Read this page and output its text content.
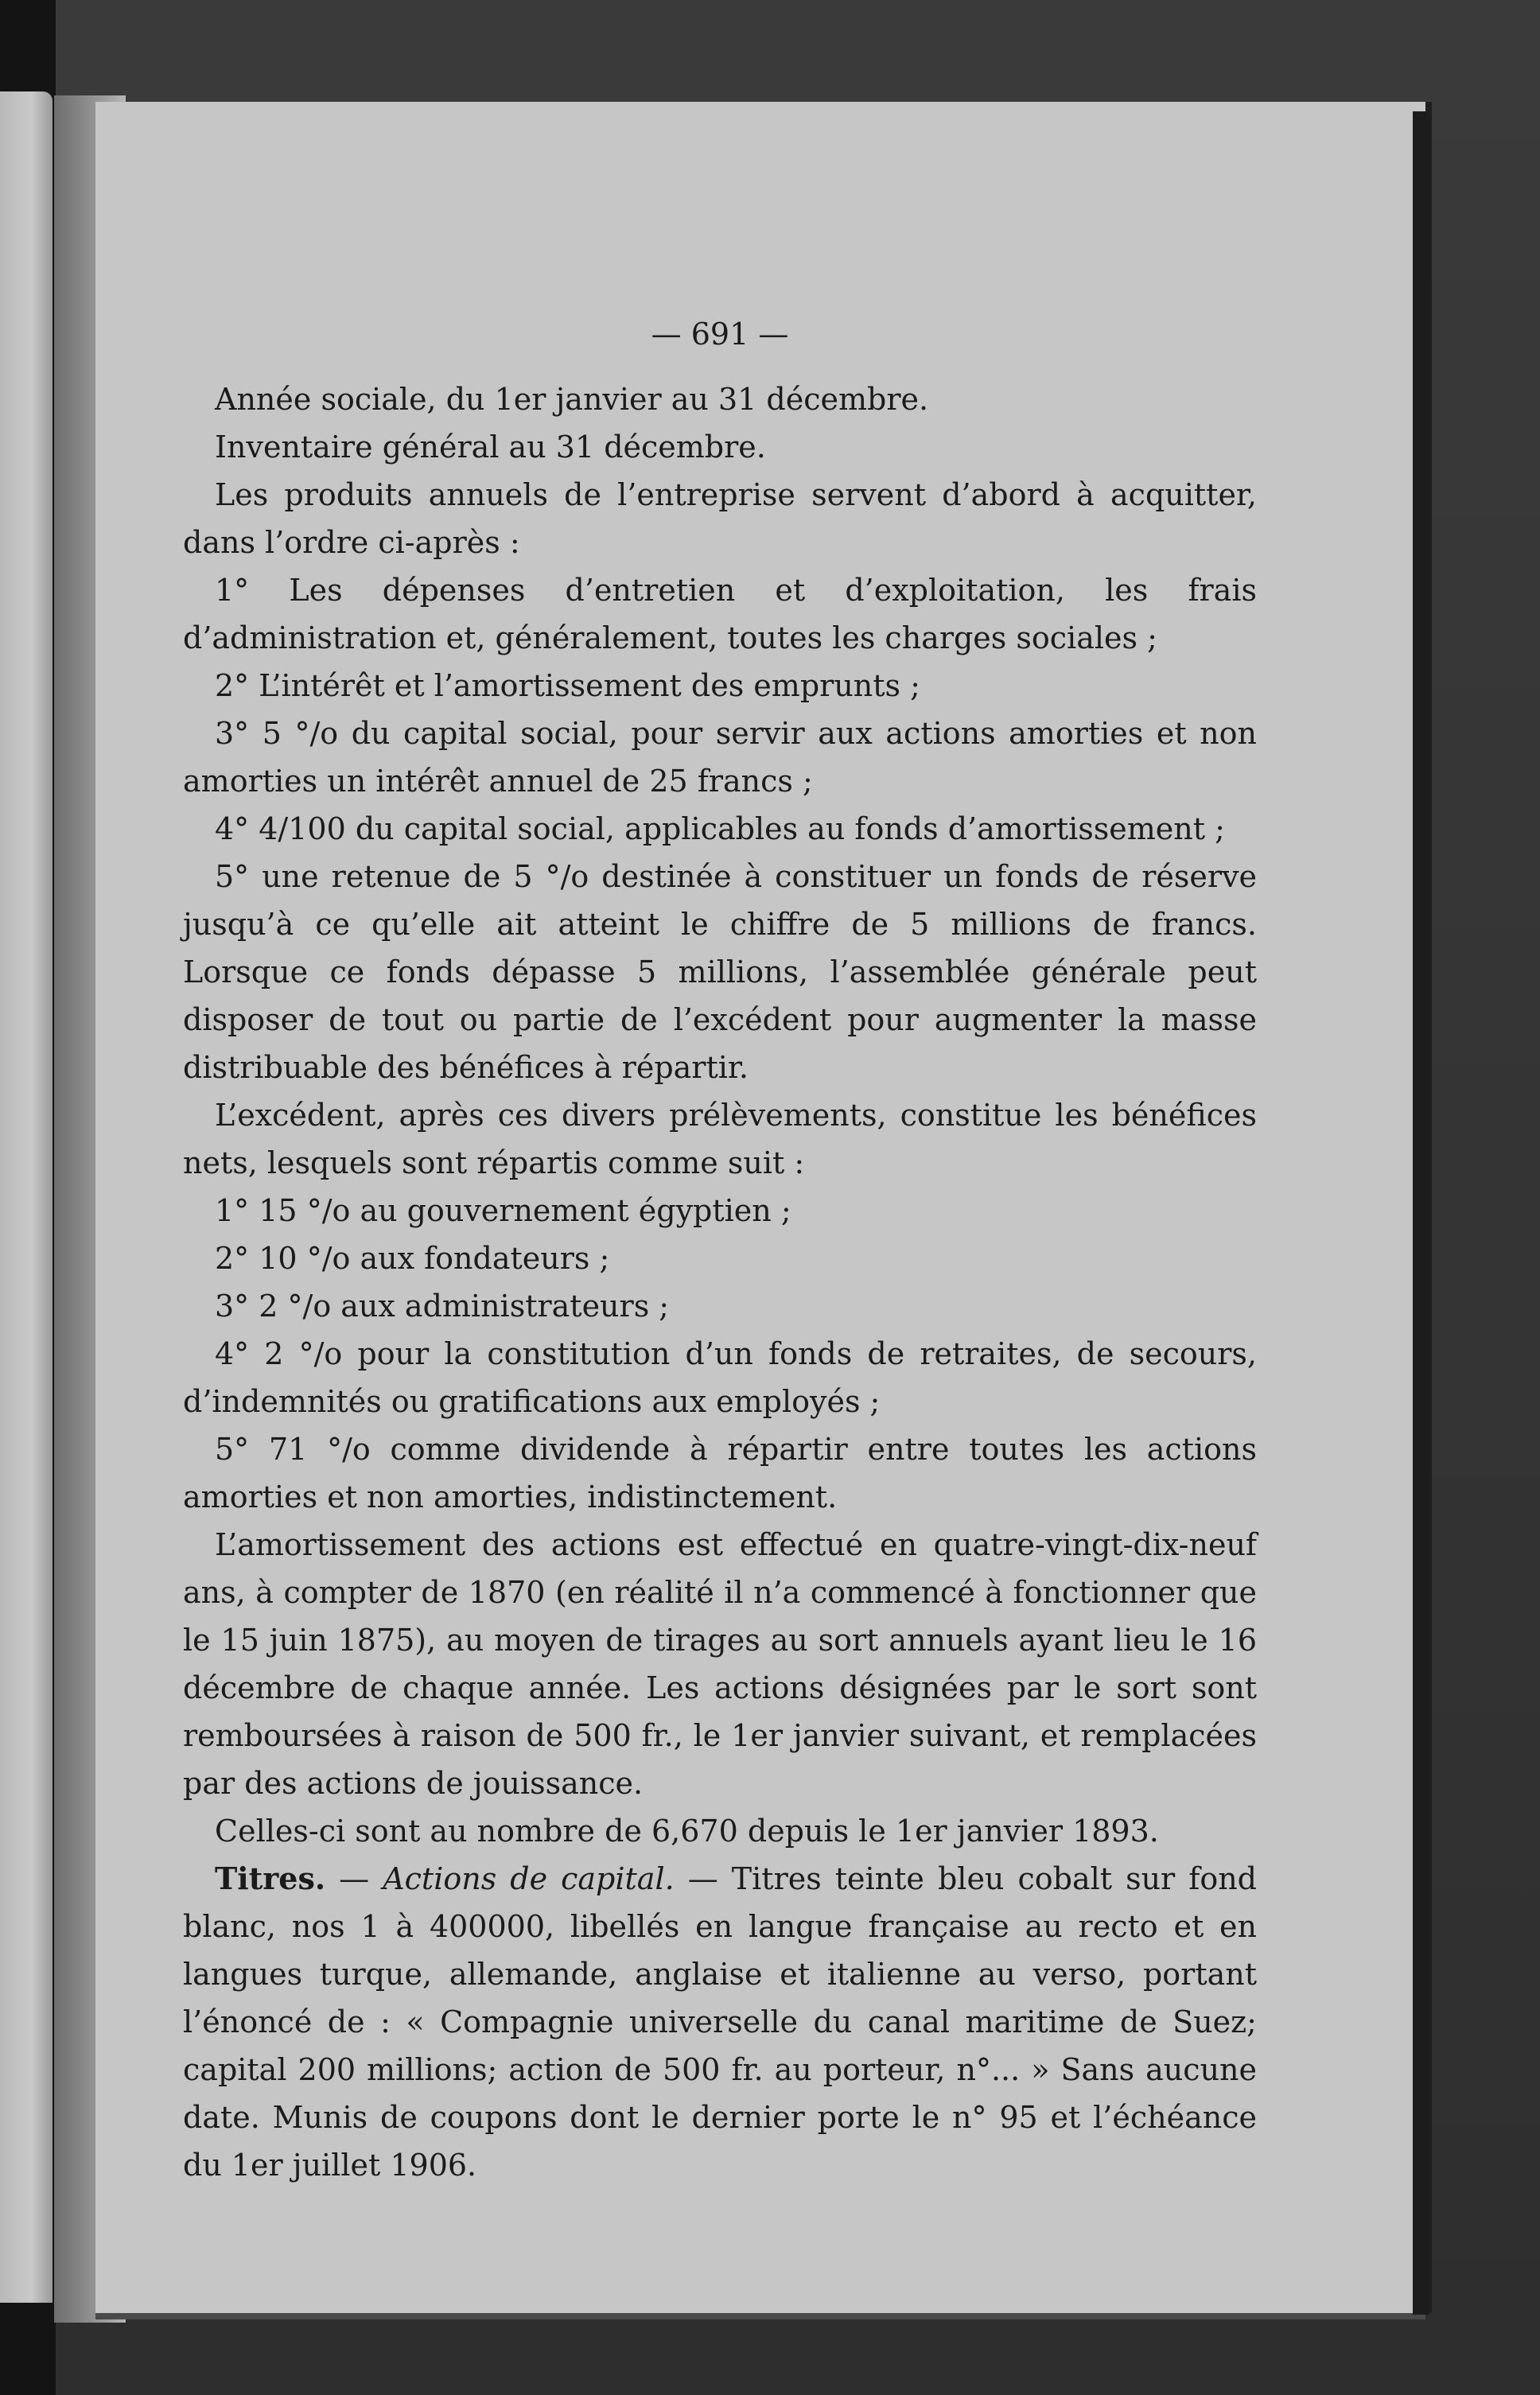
— 691 —

Année sociale, du 1er janvier au 31 décembre.

Inventaire général au 31 décembre.

Les produits annuels de l’entreprise servent d’abord à acquitter, dans l’ordre ci-après :

1° Les dépenses d’entretien et d’exploitation, les frais d’administration et, généralement, toutes les charges sociales ;

2° L’intérêt et l’amortissement des emprunts ;

3° 5 °/o du capital social, pour servir aux actions amorties et non amorties un intérêt annuel de 25 francs ;

4° 4/100 du capital social, applicables au fonds d’amortissement ;

5° une retenue de 5 °/o destinée à constituer un fonds de réserve jusqu’à ce qu’elle ait atteint le chiffre de 5 millions de francs. Lorsque ce fonds dépasse 5 millions, l’assemblée générale peut disposer de tout ou partie de l’excédent pour augmenter la masse distribuable des bénéfices à répartir.

L’excédent, après ces divers prélèvements, constitue les bénéfices nets, lesquels sont répartis comme suit :

1° 15 °/o au gouvernement égyptien ;

2° 10 °/o aux fondateurs ;

3° 2 °/o aux administrateurs ;

4° 2 °/o pour la constitution d’un fonds de retraites, de secours, d’indemnités ou gratifications aux employés ;

5° 71 °/o comme dividende à répartir entre toutes les actions amorties et non amorties, indistinctement.

L’amortissement des actions est effectué en quatre-vingt-dix-neuf ans, à compter de 1870 (en réalité il n’a commencé à fonctionner que le 15 juin 1875), au moyen de tirages au sort annuels ayant lieu le 16 décembre de chaque année. Les actions désignées par le sort sont remboursées à raison de 500 fr., le 1er janvier suivant, et remplacées par des actions de jouissance.

Celles-ci sont au nombre de 6,670 depuis le 1er janvier 1893.

Titres. — Actions de capital. — Titres teinte bleu cobalt sur fond blanc, nos 1 à 400000, libellés en langue française au recto et en langues turque, allemande, anglaise et italienne au verso, portant l’énoncé de : « Compagnie universelle du canal maritime de Suez; capital 200 millions; action de 500 fr. au porteur, n°... » Sans aucune date. Munis de coupons dont le dernier porte le n° 95 et l’échéance du 1er juillet 1906.
